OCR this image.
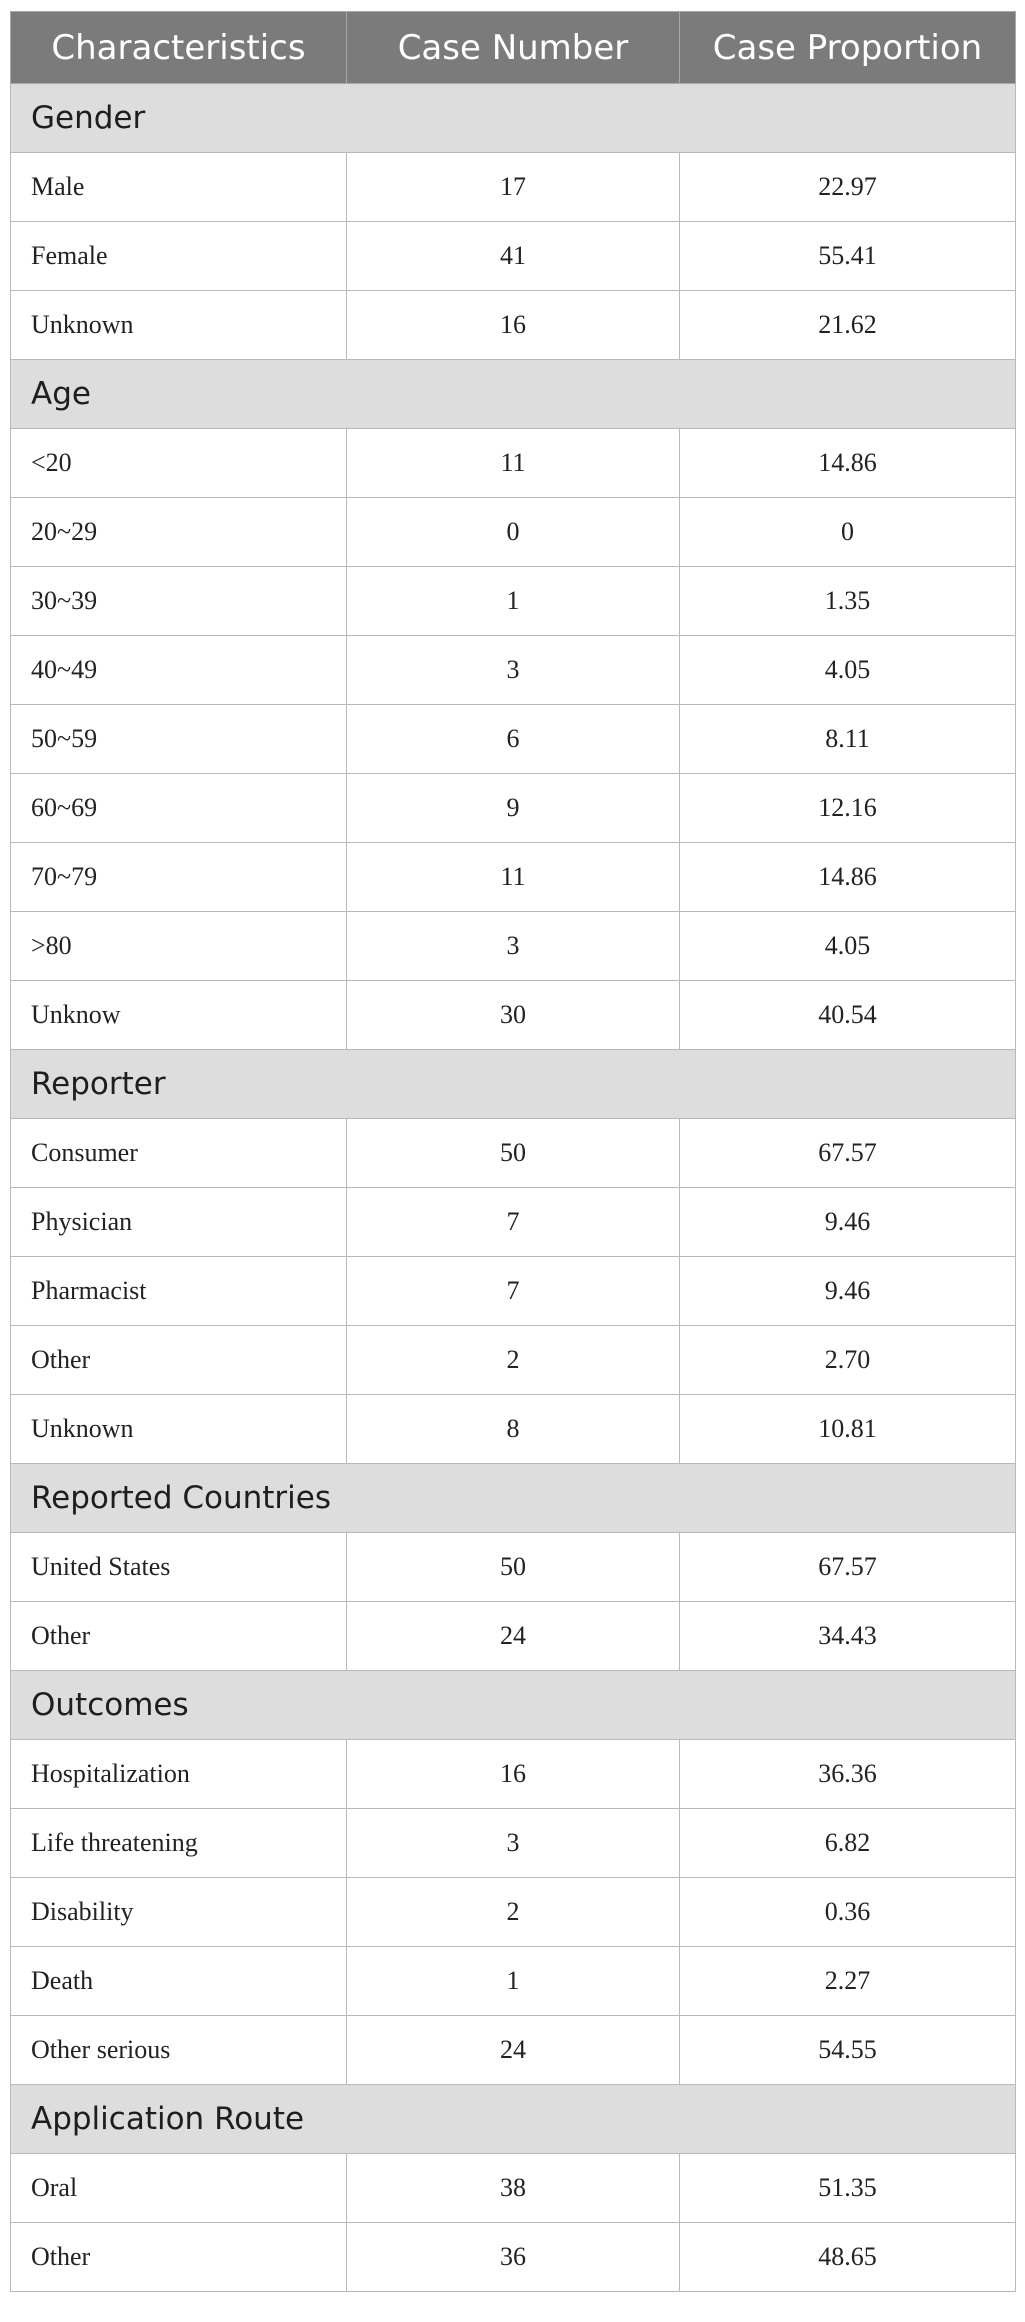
Characteristics	Case Number	Case Proportion
Gender		
Male	17	22.97
Female	41	55.41
Unknown	16	21.62
Age		
<20	11	14.86
20~29	0	0
30~39	1	1.35
40~49	3	4.05
50~59	6	8.11
60~69	9	12.16
70~79	11	14.86
>80	3	4.05
Unknow	30	40.54
Reporter		
Consumer	50	67.57
Physician	7	9.46
Pharmacist	7	9.46
Other	2	2.70
Unknown	8	10.81
Reported Countries		
United States	50	67.57
Other	24	34.43
Outcomes		
Hospitalization	16	36.36
Life threatening	3	6.82
Disability	2	0.36
Death	1	2.27
Other serious	24	54.55
Application Route		
Oral	38	51.35
Other	36	48.65
